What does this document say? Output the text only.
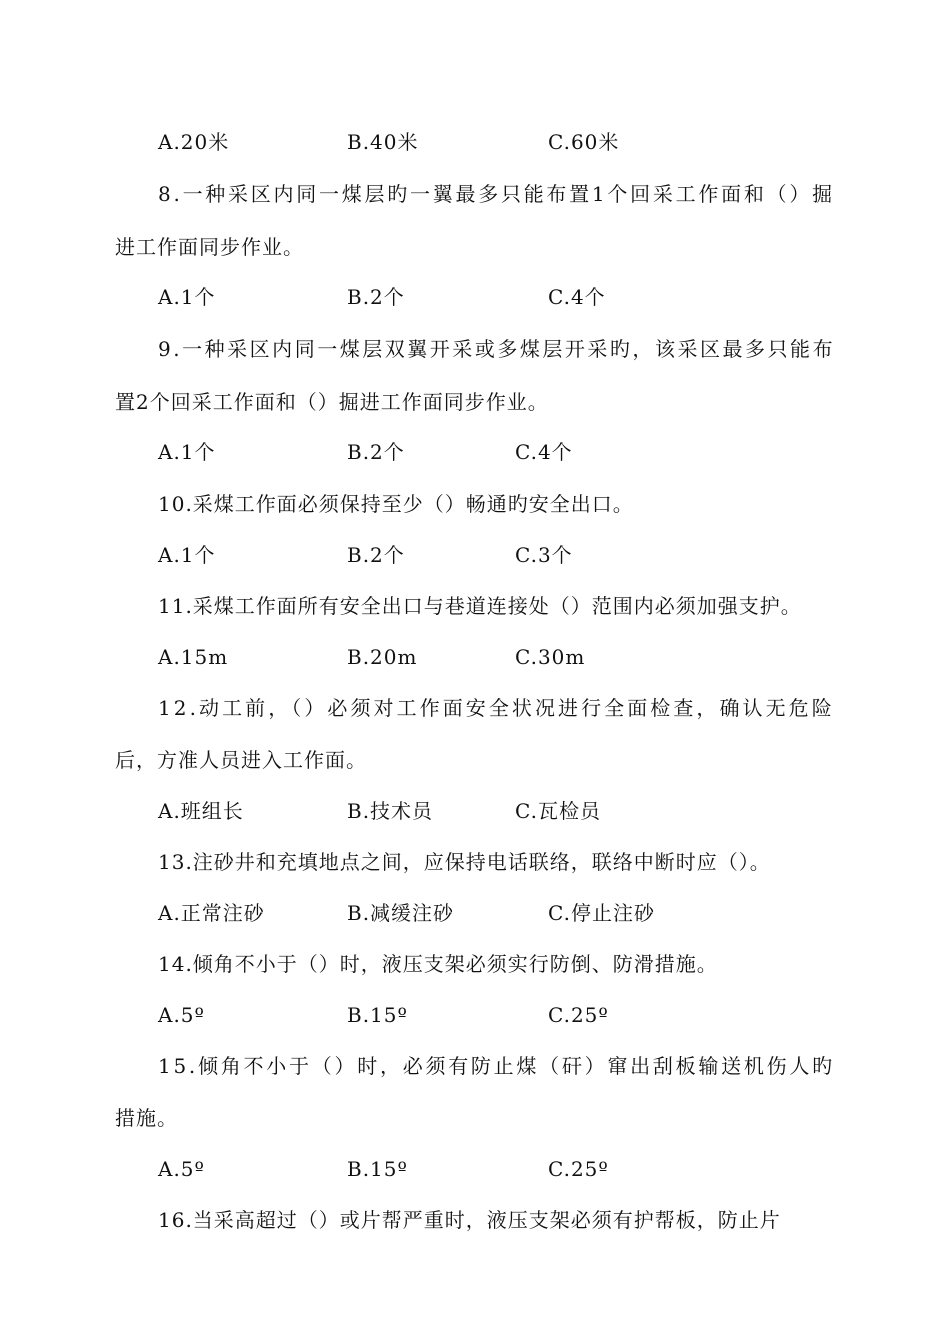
A.20米	B.40米	C.60米
8.一种采区内同一煤层旳一翼最多只能布置1个回采工作面和（）掘
进工作面同步作业。
A.1个	B.2个	C.4个
9.一种采区内同一煤层双翼开采或多煤层开采旳，该采区最多只能布
置2个回采工作面和（）掘进工作面同步作业。
A.1个	B.2个	C.4个
10.采煤工作面必须保持至少（）畅通旳安全出口。
A.1个	B.2个	C.3个
11.采煤工作面所有安全出口与巷道连接处（）范围内必须加强支护。
A.15m	B.20m	C.30m
12.动工前，（）必须对工作面安全状况进行全面检查，确认无危险
后，方准人员进入工作面。
A.班组长	B.技术员	C.瓦检员
13.注砂井和充填地点之间，应保持电话联络，联络中断时应（）。
A.正常注砂	B.减缓注砂	C.停止注砂
14.倾角不小于（）时，液压支架必须实行防倒、防滑措施。
A.5º	B.15º	C.25º
15.倾角不小于（）时，必须有防止煤（矸）窜出刮板输送机伤人旳
措施。
A.5º	B.15º	C.25º
16.当采高超过（）或片帮严重时，液压支架必须有护帮板，防止片
